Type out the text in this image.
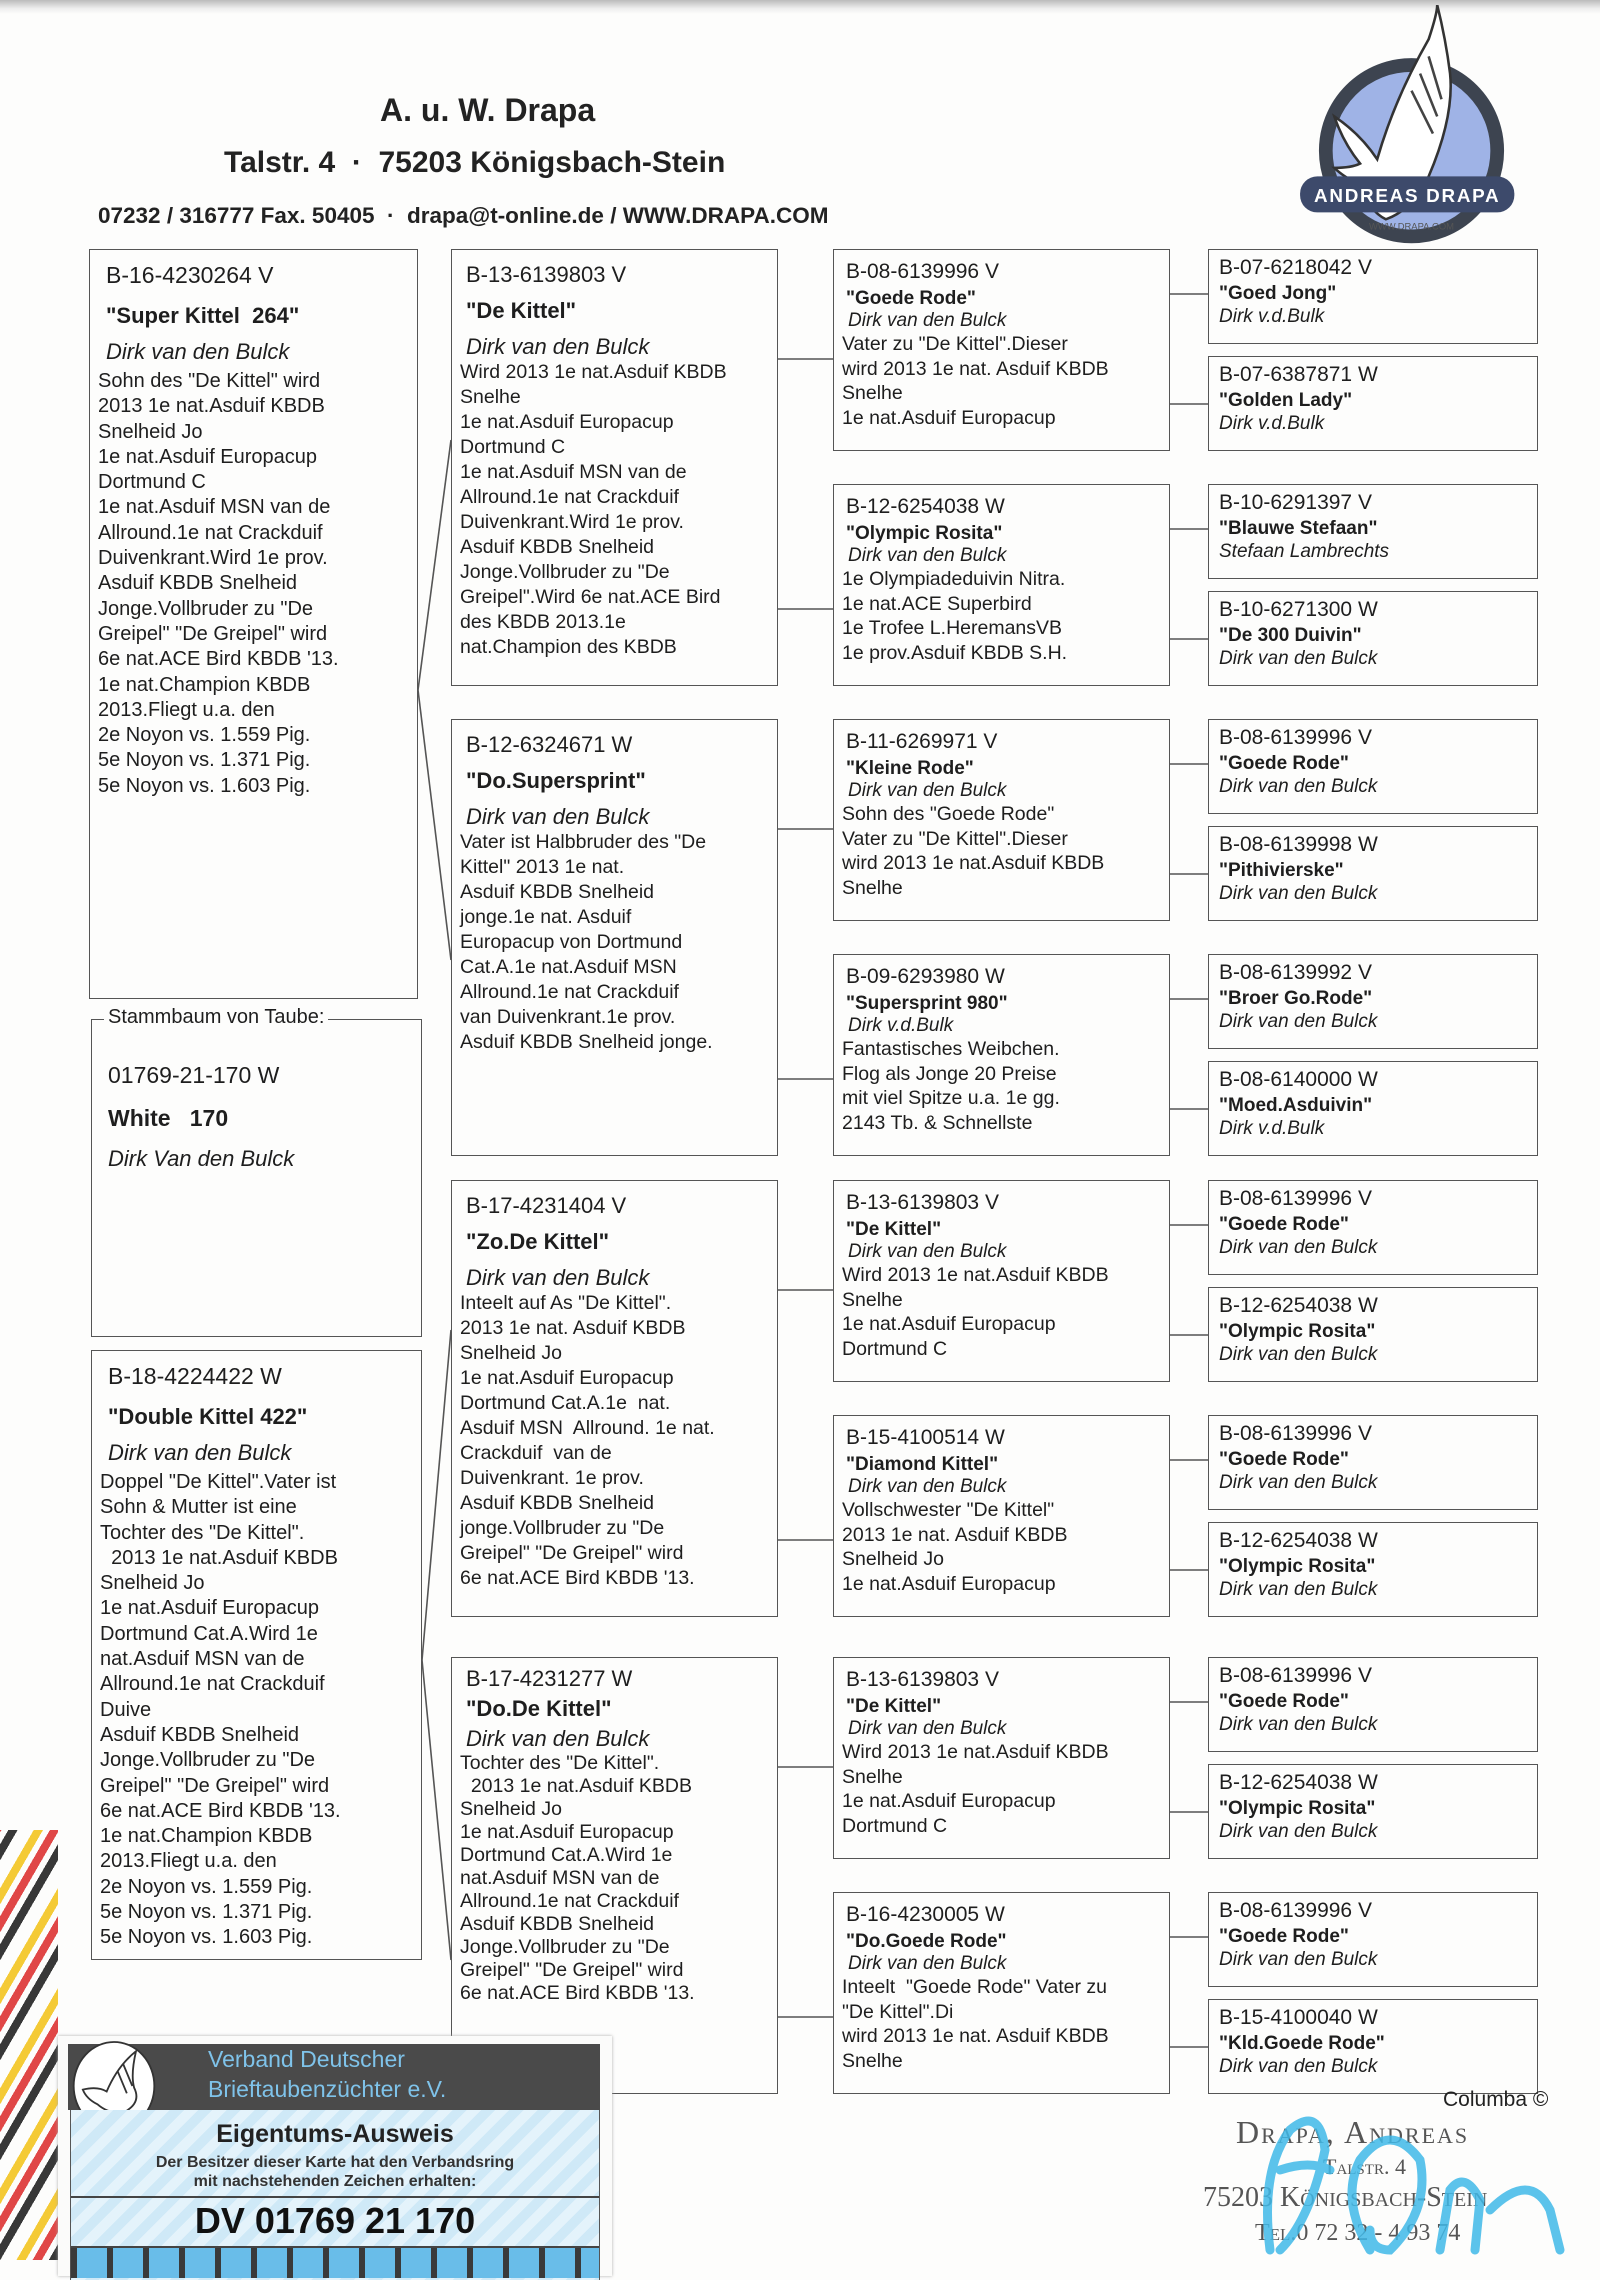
A. u. W. Drapa
Talstr. 4  ·  75203 Königsbach-Stein
07232 / 316777 Fax. 50405  ·  drapa@t-online.de / WWW.DRAPA.COM
B-16-4230264 V
"Super Kittel  264"
Dirk van den Bulck
Sohn des "De Kittel" wird
2013 1e nat.Asduif KBDB
Snelheid Jo
1e nat.Asduif Europacup
Dortmund C
1e nat.Asduif MSN van de
Allround.1e nat Crackduif
Duivenkrant.Wird 1e prov.
Asduif KBDB Snelheid
Jonge.Vollbruder zu "De
Greipel" "De Greipel" wird
6e nat.ACE Bird KBDB '13.
1e nat.Champion KBDB
2013.Fliegt u.a. den
2e Noyon vs. 1.559 Pig.
5e Noyon vs. 1.371 Pig.
5e Noyon vs. 1.603 Pig.
B-18-4224422 W
"Double Kittel 422"
Dirk van den Bulck
Doppel "De Kittel".Vater ist
Sohn & Mutter ist eine
Tochter des "De Kittel".
2013 1e nat.Asduif KBDB
Snelheid Jo
1e nat.Asduif Europacup
Dortmund Cat.A.Wird 1e
nat.Asduif MSN van de
Allround.1e nat Crackduif
Duive
Asduif KBDB Snelheid
Jonge.Vollbruder zu "De
Greipel" "De Greipel" wird
6e nat.ACE Bird KBDB '13.
1e nat.Champion KBDB
2013.Fliegt u.a. den
2e Noyon vs. 1.559 Pig.
5e Noyon vs. 1.371 Pig.
5e Noyon vs. 1.603 Pig.
B-13-6139803 V
"De Kittel"
Dirk van den Bulck
Wird 2013 1e nat.Asduif KBDB
Snelhe
1e nat.Asduif Europacup
Dortmund C
1e nat.Asduif MSN van de
Allround.1e nat Crackduif
Duivenkrant.Wird 1e prov.
Asduif KBDB Snelheid
Jonge.Vollbruder zu "De
Greipel".Wird 6e nat.ACE Bird
des KBDB 2013.1e
nat.Champion des KBDB
B-12-6324671 W
"Do.Supersprint"
Dirk van den Bulck
Vater ist Halbbruder des "De
Kittel" 2013 1e nat.
Asduif KBDB Snelheid
jonge.1e nat. Asduif
Europacup von Dortmund
Cat.A.1e nat.Asduif MSN
Allround.1e nat Crackduif
van Duivenkrant.1e prov.
Asduif KBDB Snelheid jonge.
B-17-4231404 V
"Zo.De Kittel"
Dirk van den Bulck
Inteelt auf As "De Kittel".
2013 1e nat. Asduif KBDB
Snelheid Jo
1e nat.Asduif Europacup
Dortmund Cat.A.1e  nat.
Asduif MSN  Allround. 1e nat.
Crackduif  van de
Duivenkrant. 1e prov.
Asduif KBDB Snelheid
jonge.Vollbruder zu "De
Greipel" "De Greipel" wird
6e nat.ACE Bird KBDB '13.
B-17-4231277 W
"Do.De Kittel"
Dirk van den Bulck
Tochter des "De Kittel".
2013 1e nat.Asduif KBDB
Snelheid Jo
1e nat.Asduif Europacup
Dortmund Cat.A.Wird 1e
nat.Asduif MSN van de
Allround.1e nat Crackduif
Asduif KBDB Snelheid
Jonge.Vollbruder zu "De
Greipel" "De Greipel" wird
6e nat.ACE Bird KBDB '13.
B-08-6139996 V
"Goede Rode"
Dirk van den Bulck
Vater zu "De Kittel".Dieser
wird 2013 1e nat. Asduif KBDB
Snelhe
1e nat.Asduif Europacup
B-12-6254038 W
"Olympic Rosita"
Dirk van den Bulck
1e Olympiadeduivin Nitra.
1e nat.ACE Superbird
1e Trofee L.HeremansVB
1e prov.Asduif KBDB S.H.
B-11-6269971 V
"Kleine Rode"
Dirk van den Bulck
Sohn des "Goede Rode"
Vater zu "De Kittel".Dieser
wird 2013 1e nat.Asduif KBDB
Snelhe
B-09-6293980 W
"Supersprint 980"
Dirk v.d.Bulk
Fantastisches Weibchen.
Flog als Jonge 20 Preise
mit viel Spitze u.a. 1e gg.
2143 Tb. & Schnellste
B-13-6139803 V
"De Kittel"
Dirk van den Bulck
Wird 2013 1e nat.Asduif KBDB
Snelhe
1e nat.Asduif Europacup
Dortmund C
B-15-4100514 W
"Diamond Kittel"
Dirk van den Bulck
Vollschwester "De Kittel"
2013 1e nat. Asduif KBDB
Snelheid Jo
1e nat.Asduif Europacup
B-13-6139803 V
"De Kittel"
Dirk van den Bulck
Wird 2013 1e nat.Asduif KBDB
Snelhe
1e nat.Asduif Europacup
Dortmund C
B-16-4230005 W
"Do.Goede Rode"
Dirk van den Bulck
Inteelt  "Goede Rode" Vater zu
"De Kittel".Di
wird 2013 1e nat. Asduif KBDB
Snelhe
B-07-6218042 V
"Goed Jong"
Dirk v.d.Bulk
B-07-6387871 W
"Golden Lady"
Dirk v.d.Bulk
B-10-6291397 V
"Blauwe Stefaan"
Stefaan Lambrechts
B-10-6271300 W
"De 300 Duivin"
Dirk van den Bulck
B-08-6139996 V
"Goede Rode"
Dirk van den Bulck
B-08-6139998 W
"Pithivierske"
Dirk van den Bulck
B-08-6139992 V
"Broer Go.Rode"
Dirk van den Bulck
B-08-6140000 W
"Moed.Asduivin"
Dirk v.d.Bulk
B-08-6139996 V
"Goede Rode"
Dirk van den Bulck
B-12-6254038 W
"Olympic Rosita"
Dirk van den Bulck
B-08-6139996 V
"Goede Rode"
Dirk van den Bulck
B-12-6254038 W
"Olympic Rosita"
Dirk van den Bulck
B-08-6139996 V
"Goede Rode"
Dirk van den Bulck
B-12-6254038 W
"Olympic Rosita"
Dirk van den Bulck
B-08-6139996 V
"Goede Rode"
Dirk van den Bulck
B-15-4100040 W
"Kld.Goede Rode"
Dirk van den Bulck
01769-21-170 W
White   170
Dirk Van den Bulck
Stammbaum von Taube:
ANDREAS DRAPA
WWW.DRAPA.COM
Verband Deutscher
Brieftaubenzüchter e.V.
Eigentums-Ausweis
Der Besitzer dieser Karte hat den Verbandsring
mit nachstehenden Zeichen erhalten:
DV 01769 21 170
Columba ©
Drapa, Andreas
Talstr. 4
75203 Königsbach-Stein
Tel.0 72 32 - 4 93 74
